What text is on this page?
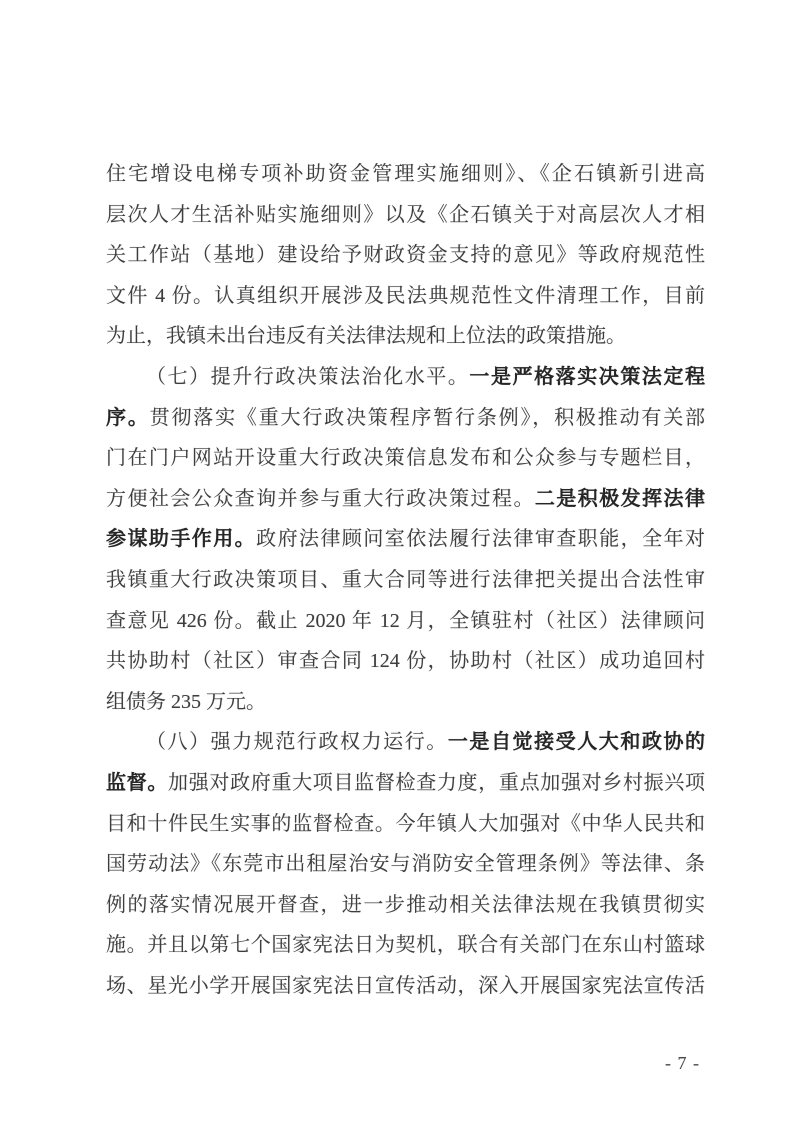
住宅增设电梯专项补助资金管理实施细则》、《企石镇新引进高
层次人才生活补贴实施细则》以及《企石镇关于对高层次人才相
关工作站（基地）建设给予财政资金支持的意见》等政府规范性
文件 4 份。认真组织开展涉及民法典规范性文件清理工作，目前
为止，我镇未出台违反有关法律法规和上位法的政策措施。
（七）提升行政决策法治化水平。一是严格落实决策法定程
序。贯彻落实《重大行政决策程序暂行条例》，积极推动有关部
门在门户网站开设重大行政决策信息发布和公众参与专题栏目，
方便社会公众查询并参与重大行政决策过程。二是积极发挥法律
参谋助手作用。政府法律顾问室依法履行法律审查职能，全年对
我镇重大行政决策项目、重大合同等进行法律把关提出合法性审
查意见 426 份。截止 2020 年 12 月，全镇驻村（社区）法律顾问
共协助村（社区）审查合同 124 份，协助村（社区）成功追回村
组债务 235 万元。
（八）强力规范行政权力运行。一是自觉接受人大和政协的
监督。加强对政府重大项目监督检查力度，重点加强对乡村振兴项
目和十件民生实事的监督检查。今年镇人大加强对《中华人民共和
国劳动法》《东莞市出租屋治安与消防安全管理条例》等法律、条
例的落实情况展开督查，进一步推动相关法律法规在我镇贯彻实
施。并且以第七个国家宪法日为契机，联合有关部门在东山村篮球
场、星光小学开展国家宪法日宣传活动，深入开展国家宪法宣传活
- 7 -
